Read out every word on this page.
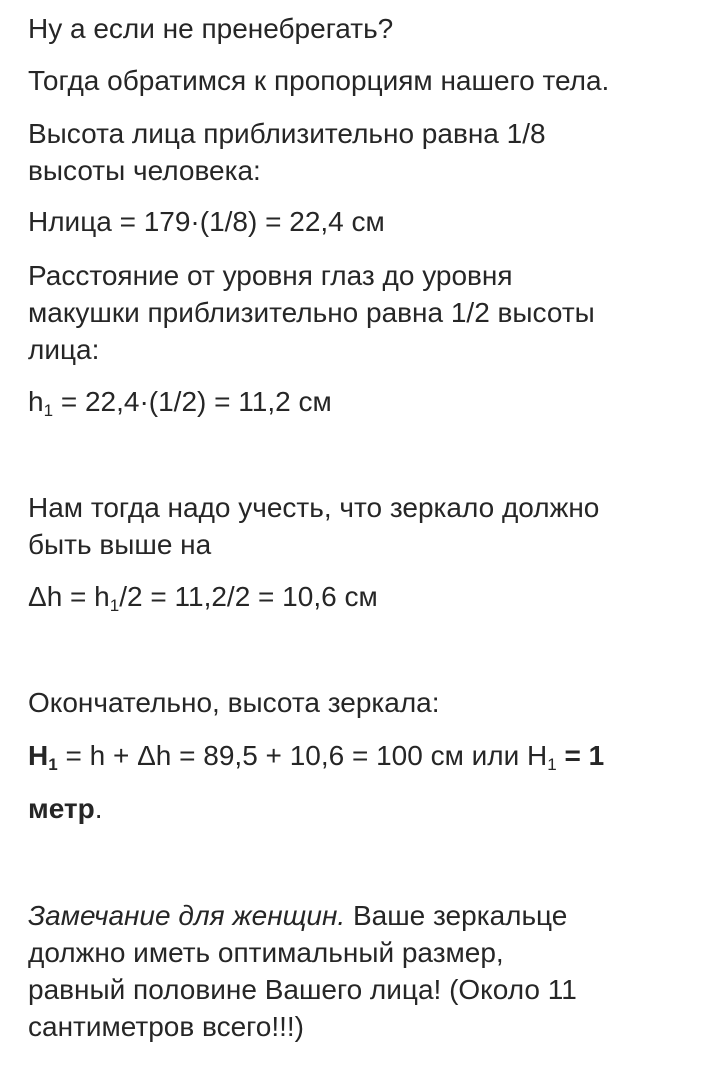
Ну а если не пренебрегать?
Тогда обратимся к пропорциям нашего тела.
Высота лица приблизительно равна 1/8
высоты человека:
Hлица = 179·(1/8) = 22,4 см
Расстояние от уровня глаз до уровня
макушки приблизительно равна 1/2 высоты
лица:
$h_1 = 22,4\cdot(1/2) = 11,2$ см
Нам тогда надо учесть, что зеркало должно
быть выше на
$\Delta h = h_1/2 = 11,2/2 = 10,6$ см
Окончательно, высота зеркала:
$H_1 = h + \Delta h = 89,5 + 10,6 = 100$ см или $H_1 = 1$
метр.
Замечание для женщин. Ваше зеркальце
должно иметь оптимальный размер,
равный половине Вашего лица! (Около 11
сантиметров всего!!!)
